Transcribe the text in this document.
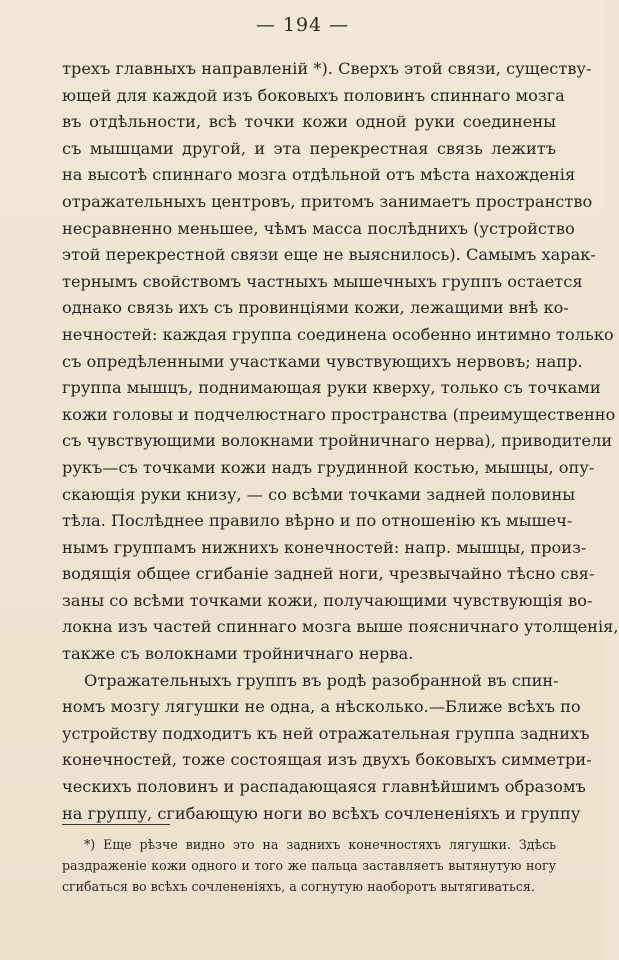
— 194 —
трехъ главныхъ направленій *). Сверхъ этой связи, существу-
ющей для каждой изъ боковыхъ половинъ спиннаго мозга
въ отдѣльности, всѣ точки кожи одной руки соединены
съ мышцами другой, и эта перекрестная связь лежитъ
на высотѣ спиннаго мозга отдѣльной отъ мѣста нахожденія
отражательныхъ центровъ, притомъ занимаетъ пространство
несравненно меньшее, чѣмъ масса послѣднихъ (устройство
этой перекрестной связи еще не выяснилось). Самымъ харак-
тернымъ свойствомъ частныхъ мышечныхъ группъ остается
однако связь ихъ съ провинціями кожи, лежащими внѣ ко-
нечностей: каждая группа соединена особенно интимно только
съ опредѣленными участками чувствующихъ нервовъ; напр.
группа мышцъ, поднимающая руки кверху, только съ точками
кожи головы и подчелюстнаго пространства (преимущественно
съ чувствующими волокнами тройничнаго нерва), приводители
рукъ—съ точками кожи надъ грудинной костью, мышцы, опу-
скающія руки книзу, — со всѣми точками задней половины
тѣла. Послѣднее правило вѣрно и по отношенію къ мышеч-
нымъ группамъ нижнихъ конечностей: напр. мышцы, произ-
водящія общее сгибаніе задней ноги, чрезвычайно тѣсно свя-
заны со всѣми точками кожи, получающими чувствующія во-
локна изъ частей спиннаго мозга выше поясничнаго утолщенія,
также съ волокнами тройничнаго нерва.
Отражательныхъ группъ въ родѣ разобранной въ спин-
номъ мозгу лягушки не одна, а нѣсколько.—Ближе всѣхъ по
устройству подходитъ къ ней отражательная группа заднихъ
конечностей, тоже состоящая изъ двухъ боковыхъ симметри-
ческихъ половинъ и распадающаяся главнѣйшимъ образомъ
на группу, сгибающую ноги во всѣхъ сочлененіяхъ и группу
*) Еще рѣзче видно это на заднихъ конечностяхъ лягушки. Здѣсь
раздраженіе кожи одного и того же пальца заставляетъ вытянутую ногу
сгибаться во всѣхъ сочлененіяхъ, а согнутую наоборотъ вытягиваться.
